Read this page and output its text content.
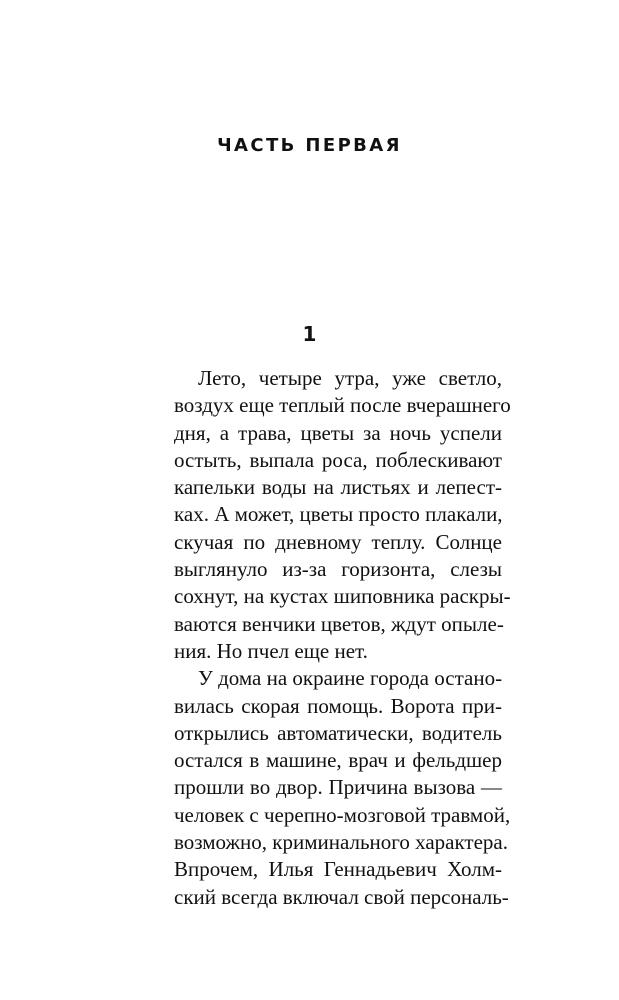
ЧАСТЬ ПЕРВАЯ
1
Лето, четыре утра, уже светло,
воздух еще теплый после вчерашнего
дня, а трава, цветы за ночь успели
остыть, выпала роса, поблескивают
капельки воды на листьях и лепест-
ках. А может, цветы просто плакали,
скучая по дневному теплу. Солнце
выглянуло из-за горизонта, слезы
сохнут, на кустах шиповника раскры-
ваются венчики цветов, ждут опыле-
ния. Но пчел еще нет.
У дома на окраине города остано-
вилась скорая помощь. Ворота при-
открылись автоматически, водитель
остался в машине, врач и фельдшер
прошли во двор. Причина вызова —
человек с черепно-мозговой травмой,
возможно, криминального характера.
Впрочем, Илья Геннадьевич Холм-
ский всегда включал свой персональ-
